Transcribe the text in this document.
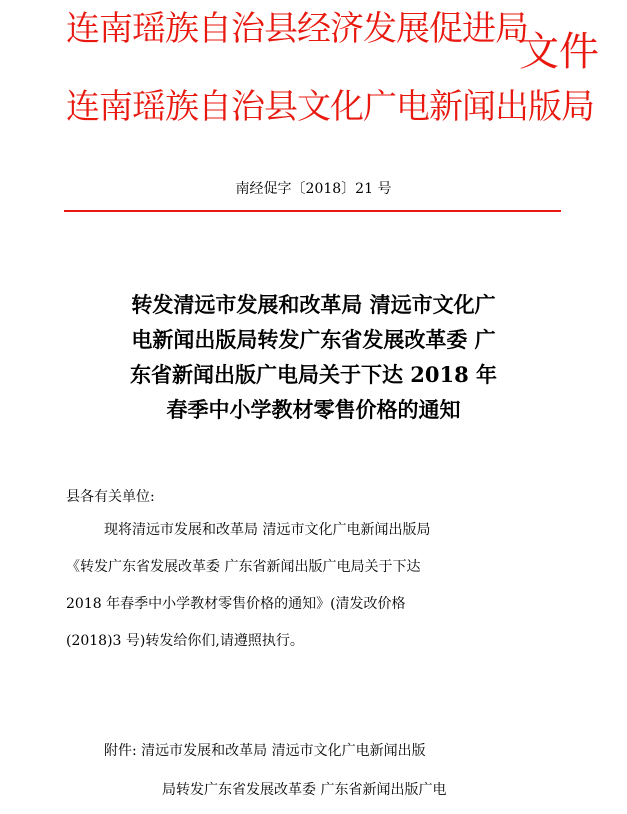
连南瑶族自治县经济发展促进局
连南瑶族自治县文化广电新闻出版局
文件
南经促字〔2018〕21 号
转发清远市发展和改革局 清远市文化广
电新闻出版局转发广东省发展改革委 广
东省新闻出版广电局关于下达 2018 年
春季中小学教材零售价格的通知
县各有关单位:
现将清远市发展和改革局 清远市文化广电新闻出版局
《转发广东省发展改革委 广东省新闻出版广电局关于下达
2018 年春季中小学教材零售价格的通知》(清发改价格
(2018)3 号)转发给你们,请遵照执行。
附件: 清远市发展和改革局 清远市文化广电新闻出版
局转发广东省发展改革委 广东省新闻出版广电
